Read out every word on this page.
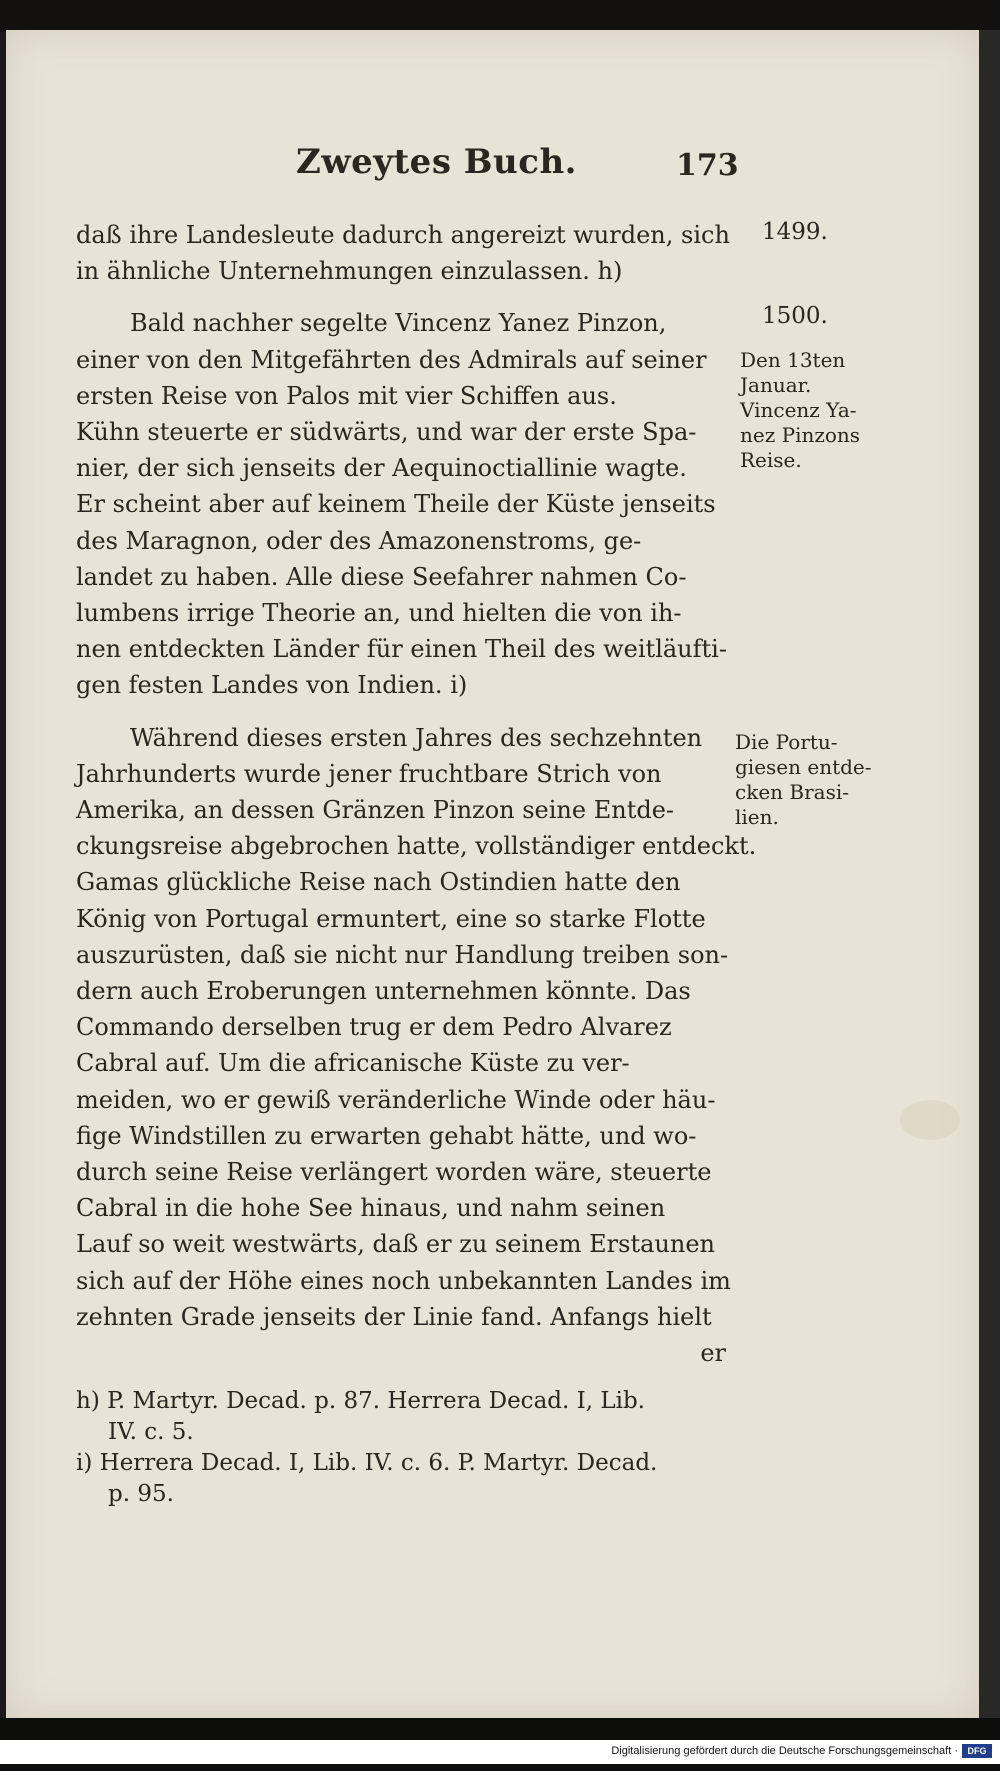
Zweytes Buch.	173
daß ihre Landesleute dadurch angereizt wurden, sich
in ähnliche Unternehmungen einzulassen. h)
Bald nachher segelte Vincenz Yanez Pinzon,
einer von den Mitgefährten des Admirals auf seiner
ersten Reise von Palos mit vier Schiffen aus.
Kühn steuerte er südwärts, und war der erste Spa-
nier, der sich jenseits der Aequinoctiallinie wagte.
Er scheint aber auf keinem Theile der Küste jenseits
des Maragnon, oder des Amazonenstroms, ge-
landet zu haben. Alle diese Seefahrer nahmen Co-
lumbens irrige Theorie an, und hielten die von ih-
nen entdeckten Länder für einen Theil des weitläufti-
gen festen Landes von Indien. i)
Während dieses ersten Jahres des sechzehnten
Jahrhunderts wurde jener fruchtbare Strich von
Amerika, an dessen Gränzen Pinzon seine Entde-
ckungsreise abgebrochen hatte, vollständiger entdeckt.
Gamas glückliche Reise nach Ostindien hatte den
König von Portugal ermuntert, eine so starke Flotte
auszurüsten, daß sie nicht nur Handlung treiben son-
dern auch Eroberungen unternehmen könnte. Das
Commando derselben trug er dem Pedro Alvarez
Cabral auf. Um die africanische Küste zu ver-
meiden, wo er gewiß veränderliche Winde oder häu-
fige Windstillen zu erwarten gehabt hätte, und wo-
durch seine Reise verlängert worden wäre, steuerte
Cabral in die hohe See hinaus, und nahm seinen
Lauf so weit westwärts, daß er zu seinem Erstaunen
sich auf der Höhe eines noch unbekannten Landes im
zehnten Grade jenseits der Linie fand. Anfangs hielt
er
1499.
1500.
Den 13ten
Januar.
Vincenz Ya-
nez Pinzons
Reise.
Die Portu-
giesen entde-
cken Brasi-
lien.
h) P. Martyr. Decad. p. 87. Herrera Decad. I, Lib.
IV. c. 5.
i) Herrera Decad. I, Lib. IV. c. 6. P. Martyr. Decad.
p. 95.
Digitalisierung gefördert durch die Deutsche Forschungsgemeinschaft ·	DFG
